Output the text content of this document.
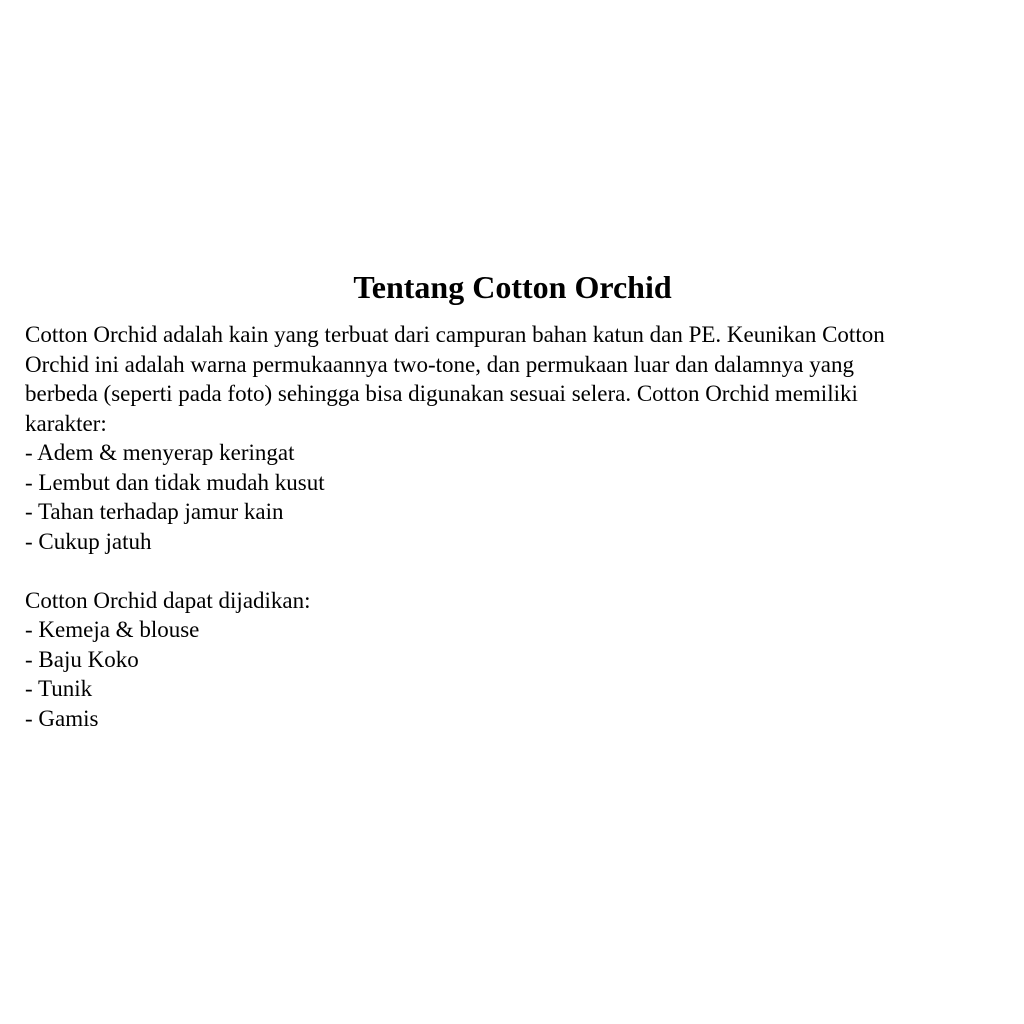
Tentang Cotton Orchid

Cotton Orchid adalah kain yang terbuat dari campuran bahan katun dan PE. Keunikan Cotton

Orchid ini adalah warna permukaannya two-tone, dan permukaan luar dan dalamnya yang

berbeda (seperti pada foto) sehingga bisa digunakan sesuai selera. Cotton Orchid memiliki

karakter:

- Adem & menyerap keringat

- Lembut dan tidak mudah kusut

- Tahan terhadap jamur kain

- Cukup jatuh

Cotton Orchid dapat dijadikan:

- Kemeja & blouse

- Baju Koko

- Tunik

- Gamis
